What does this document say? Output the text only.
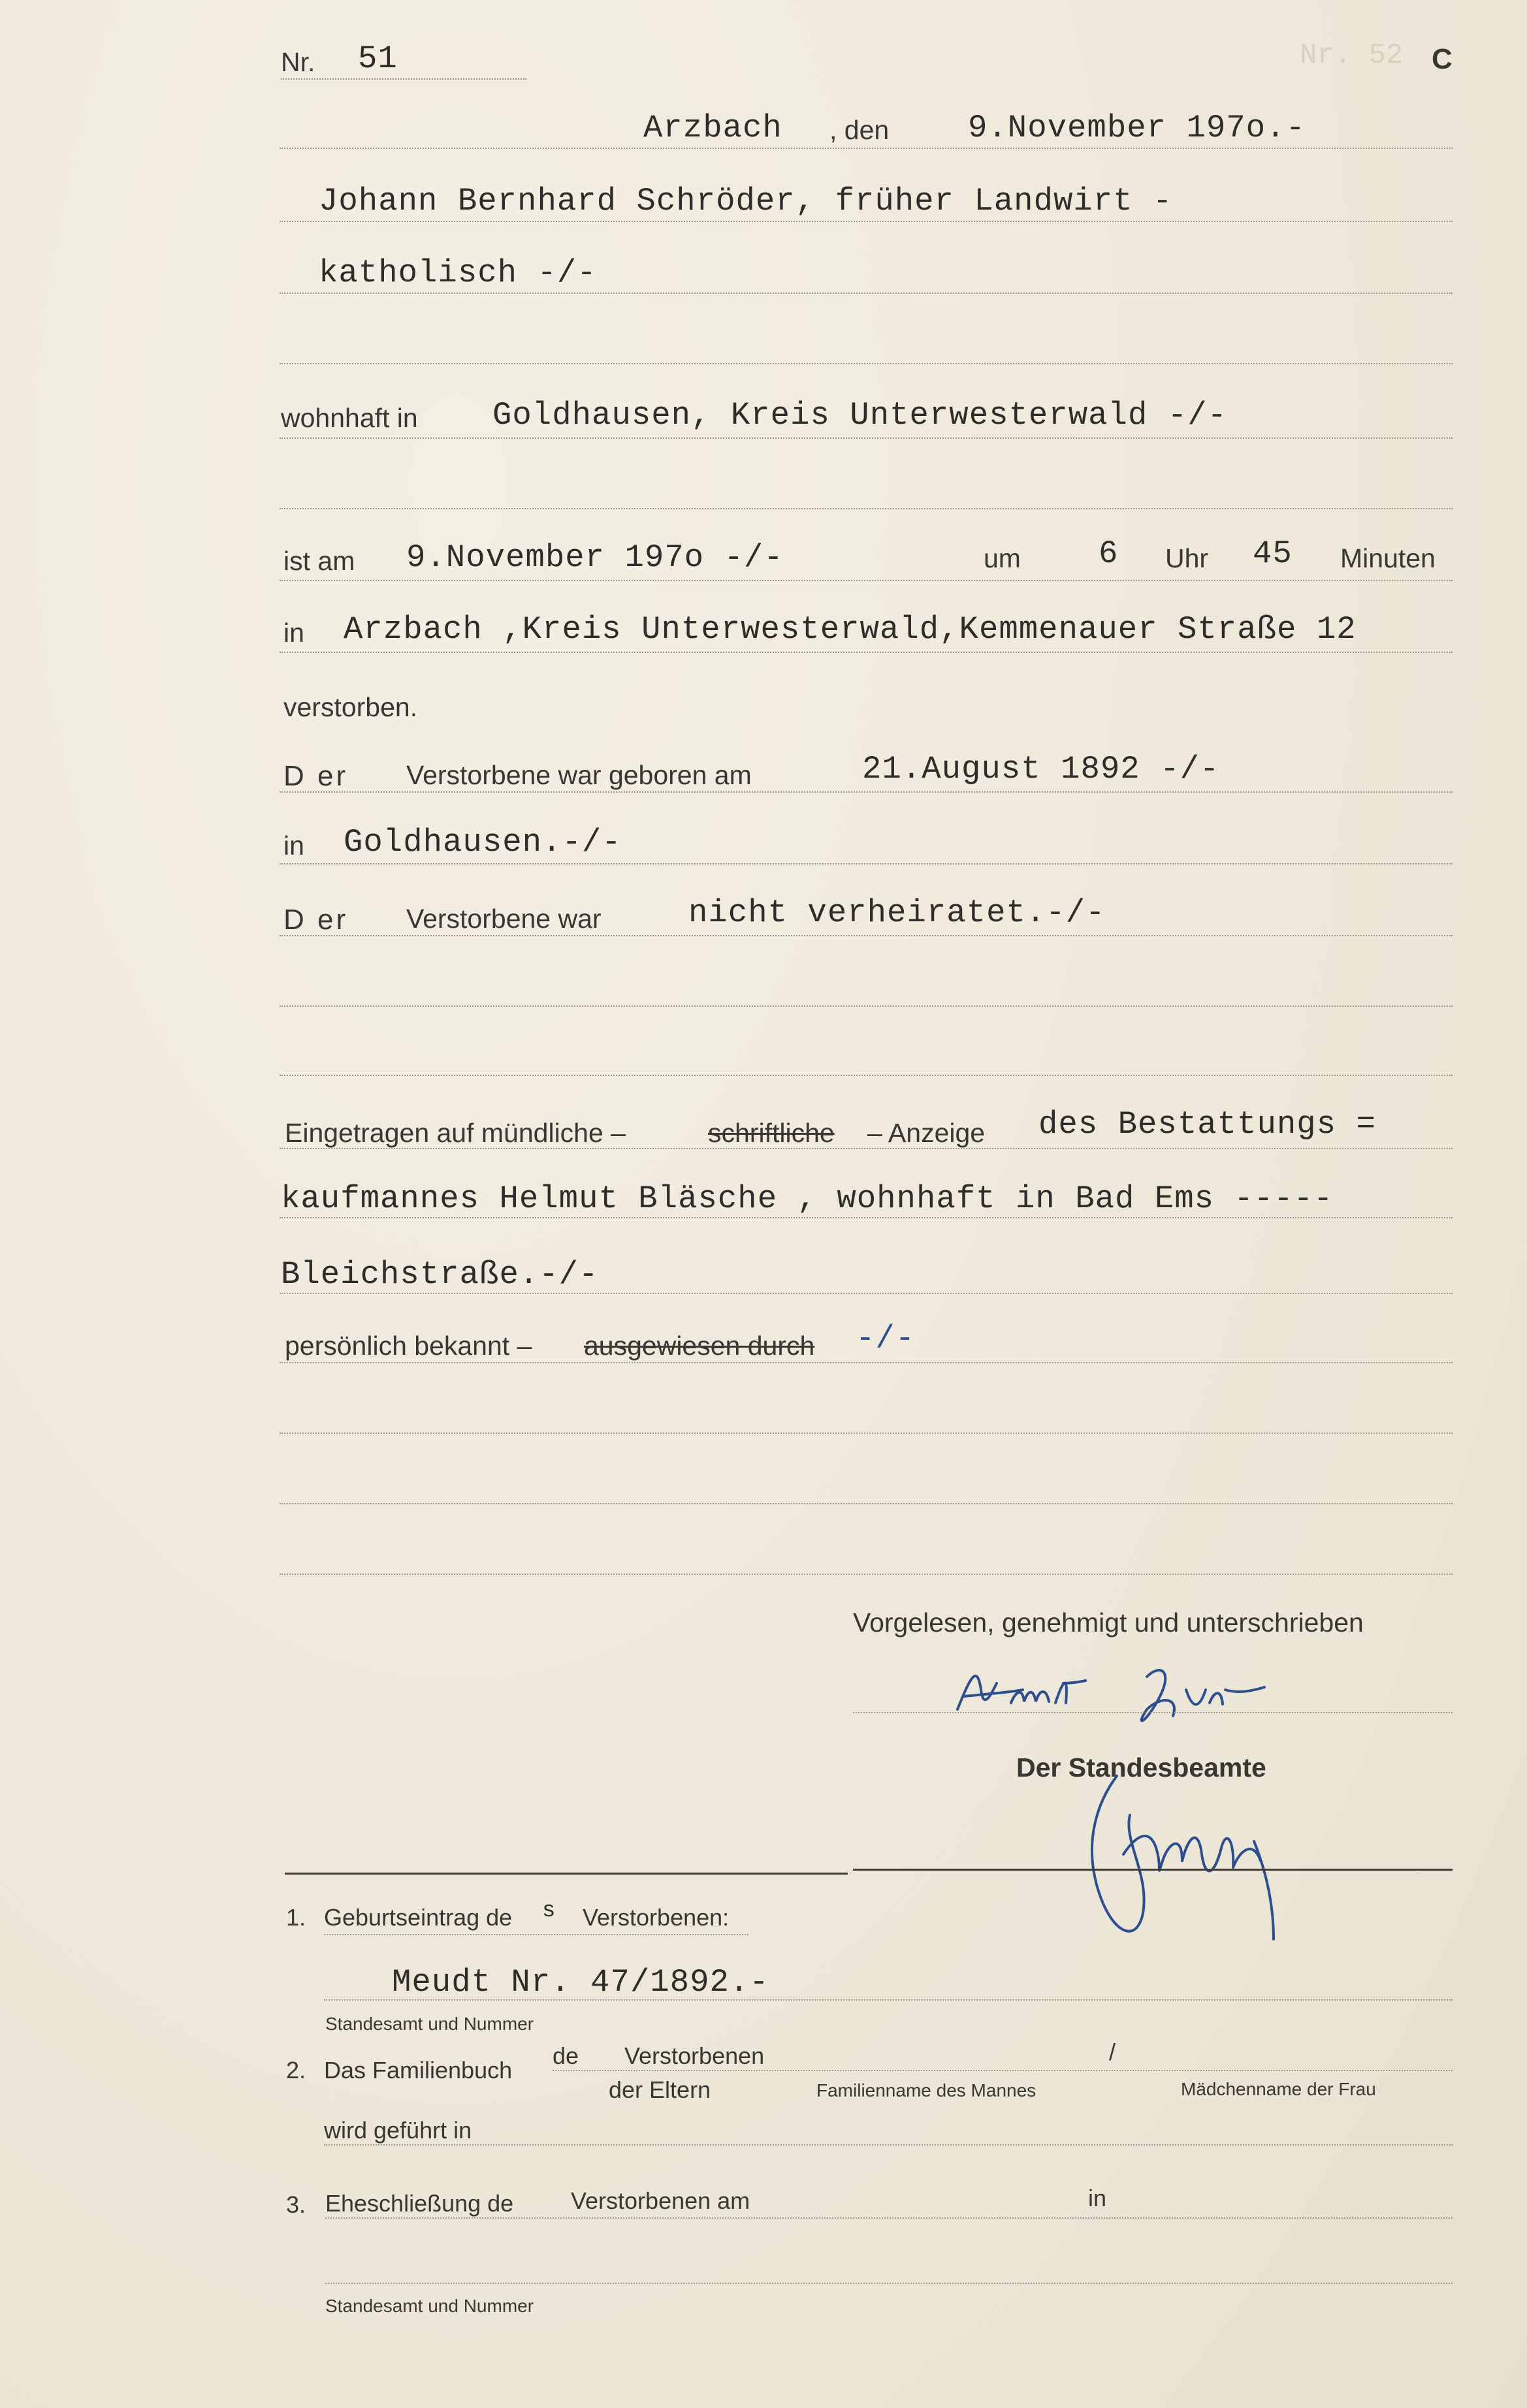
Nr. 52
Nr. 51	C
Arzbach , den 9.November 197o.-
Johann Bernhard Schröder, früher Landwirt -
katholisch -/-
wohnhaft in Goldhausen, Kreis Unterwesterwald -/-
ist am 9.November 197o -/-	um 6 Uhr 45 Minuten
in Arzbach ,Kreis Unterwesterwald,Kemmenauer Straße 12
verstorben.
D er Verstorbene war geboren am	21.August 1892 -/-
in Goldhausen.-/-
D er Verstorbene war	nicht verheiratet.-/-
Eingetragen auf mündliche –	schriftliche – Anzeige des Bestattungs =
kaufmannes Helmut Bläsche , wohnhaft in Bad Ems -----
Bleichstraße.-/-
persönlich bekannt – ausgewiesen durch -/-
Vorgelesen, genehmigt und unterschrieben
Der Standesbeamte
1. Geburtseintrag de s Verstorbenen:
Meudt Nr. 47/1892.-
Standesamt und Nummer
2. Das Familienbuch
de Verstorbenen	/
der Eltern	Familienname des Mannes	Mädchenname der Frau
wird geführt in
3. Eheschließung de Verstorbenen am	in
Standesamt und Nummer
